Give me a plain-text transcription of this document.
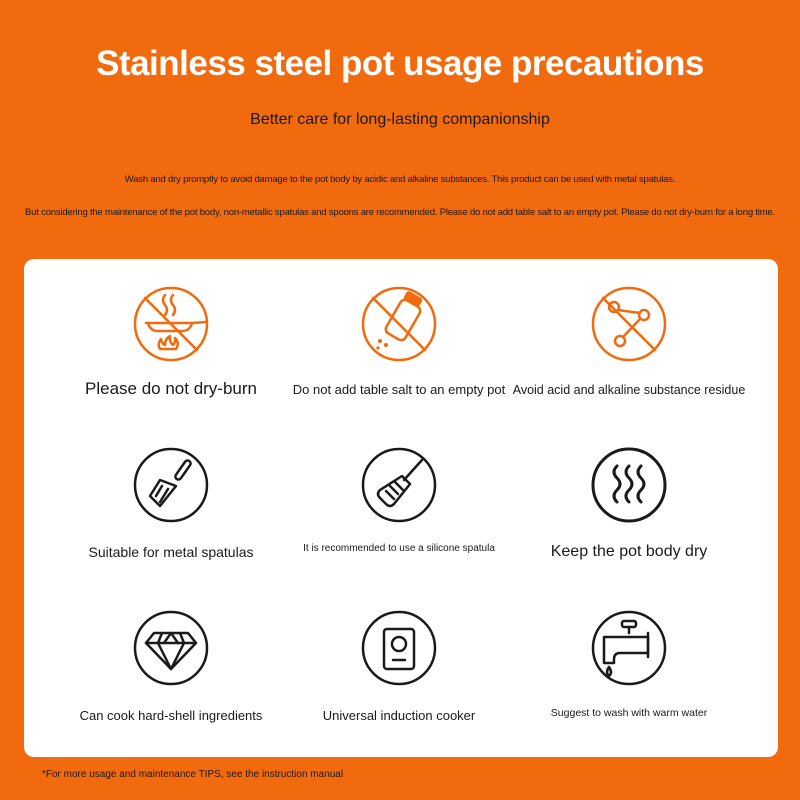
Stainless steel pot usage precautions
Better care for long-lasting companionship
Wash and dry promptly to avoid damage to the pot body by acidic and alkaline substances. This product can be used with metal spatulas.
But considering the maintenance of the pot body, non-metallic spatulas and spoons are recommended. Please do not add table salt to an empty pot. Please do not dry-burn for a long time.
Please do not dry-burn	Do not add table salt to an empty pot Avoid acid and alkaline substance residue
Suitable for metal spatulas	It is recommended to use a silicone spatula	Keep the pot body dry
Can cook hard-shell ingredients	Universal induction cooker	Suggest to wash with warm water
*For more usage and maintenance TIPS, see the instruction manual
